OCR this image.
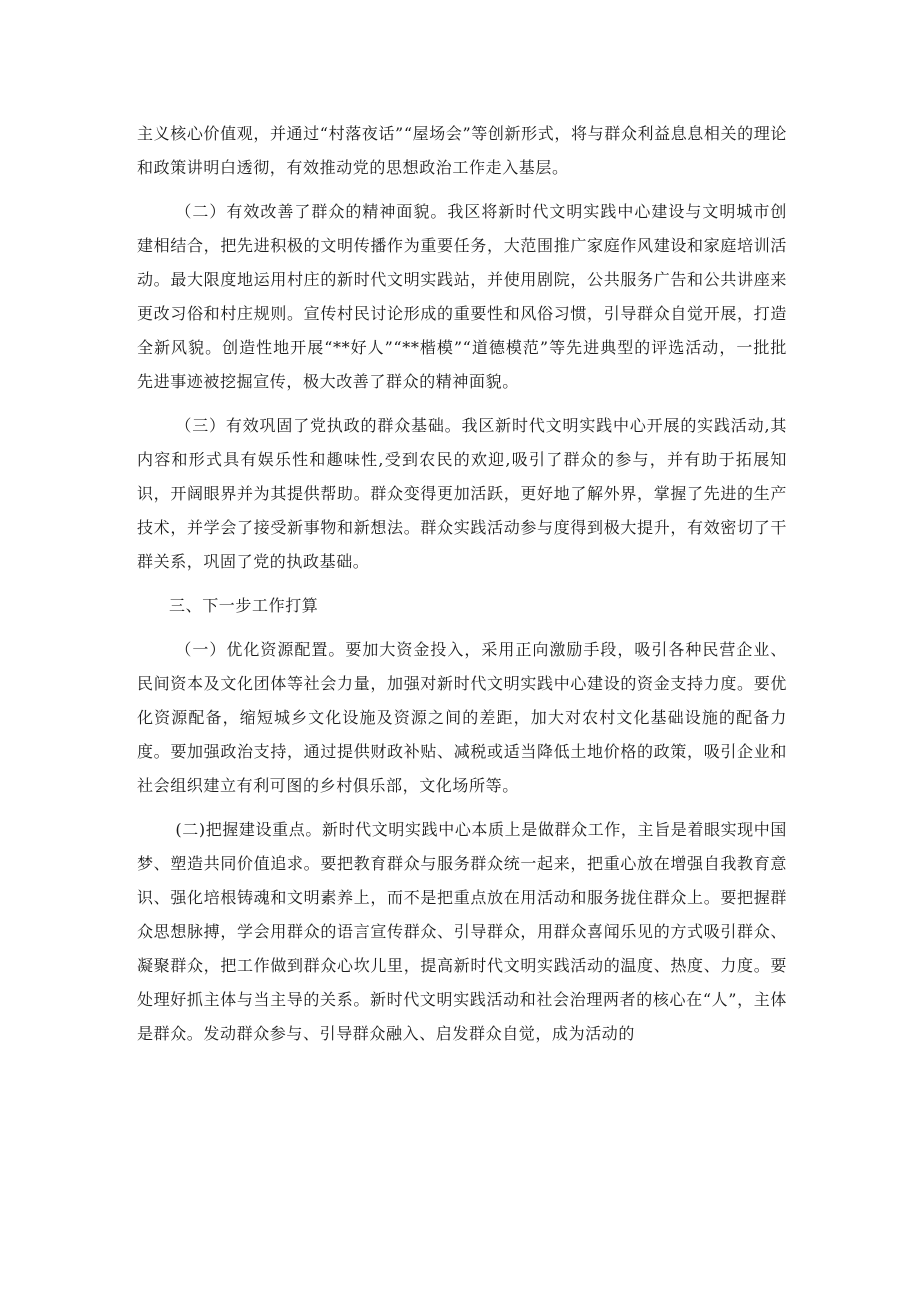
主义核心价值观，并通过“村落夜话”“屋场会”等创新形式，将与群众利益息息相关的理论和政策讲明白透彻，有效推动党的思想政治工作走入基层。

（二）有效改善了群众的精神面貌。我区将新时代文明实践中心建设与文明城市创建相结合，把先进积极的文明传播作为重要任务，大范围推广家庭作风建设和家庭培训活动。最大限度地运用村庄的新时代文明实践站，并使用剧院，公共服务广告和公共讲座来更改习俗和村庄规则。宣传村民讨论形成的重要性和风俗习惯，引导群众自觉开展，打造全新风貌。创造性地开展“**好人”“**楷模”“道德模范”等先进典型的评选活动，一批批先进事迹被挖掘宣传，极大改善了群众的精神面貌。

（三）有效巩固了党执政的群众基础。我区新时代文明实践中心开展的实践活动,其内容和形式具有娱乐性和趣味性,受到农民的欢迎,吸引了群众的参与，并有助于拓展知识，开阔眼界并为其提供帮助。群众变得更加活跃，更好地了解外界，掌握了先进的生产技术，并学会了接受新事物和新想法。群众实践活动参与度得到极大提升，有效密切了干群关系，巩固了党的执政基础。

三、下一步工作打算

（一）优化资源配置。要加大资金投入，采用正向激励手段，吸引各种民营企业、民间资本及文化团体等社会力量，加强对新时代文明实践中心建设的资金支持力度。要优化资源配备，缩短城乡文化设施及资源之间的差距，加大对农村文化基础设施的配备力度。要加强政治支持，通过提供财政补贴、减税或适当降低土地价格的政策，吸引企业和社会组织建立有利可图的乡村俱乐部，文化场所等。

(二)把握建设重点。新时代文明实践中心本质上是做群众工作，主旨是着眼实现中国梦、塑造共同价值追求。要把教育群众与服务群众统一起来，把重心放在增强自我教育意识、强化培根铸魂和文明素养上，而不是把重点放在用活动和服务拢住群众上。要把握群众思想脉搏，学会用群众的语言宣传群众、引导群众，用群众喜闻乐见的方式吸引群众、凝聚群众，把工作做到群众心坎儿里，提高新时代文明实践活动的温度、热度、力度。要处理好抓主体与当主导的关系。新时代文明实践活动和社会治理两者的核心在“人”，主体是群众。发动群众参与、引导群众融入、启发群众自觉，成为活动的
